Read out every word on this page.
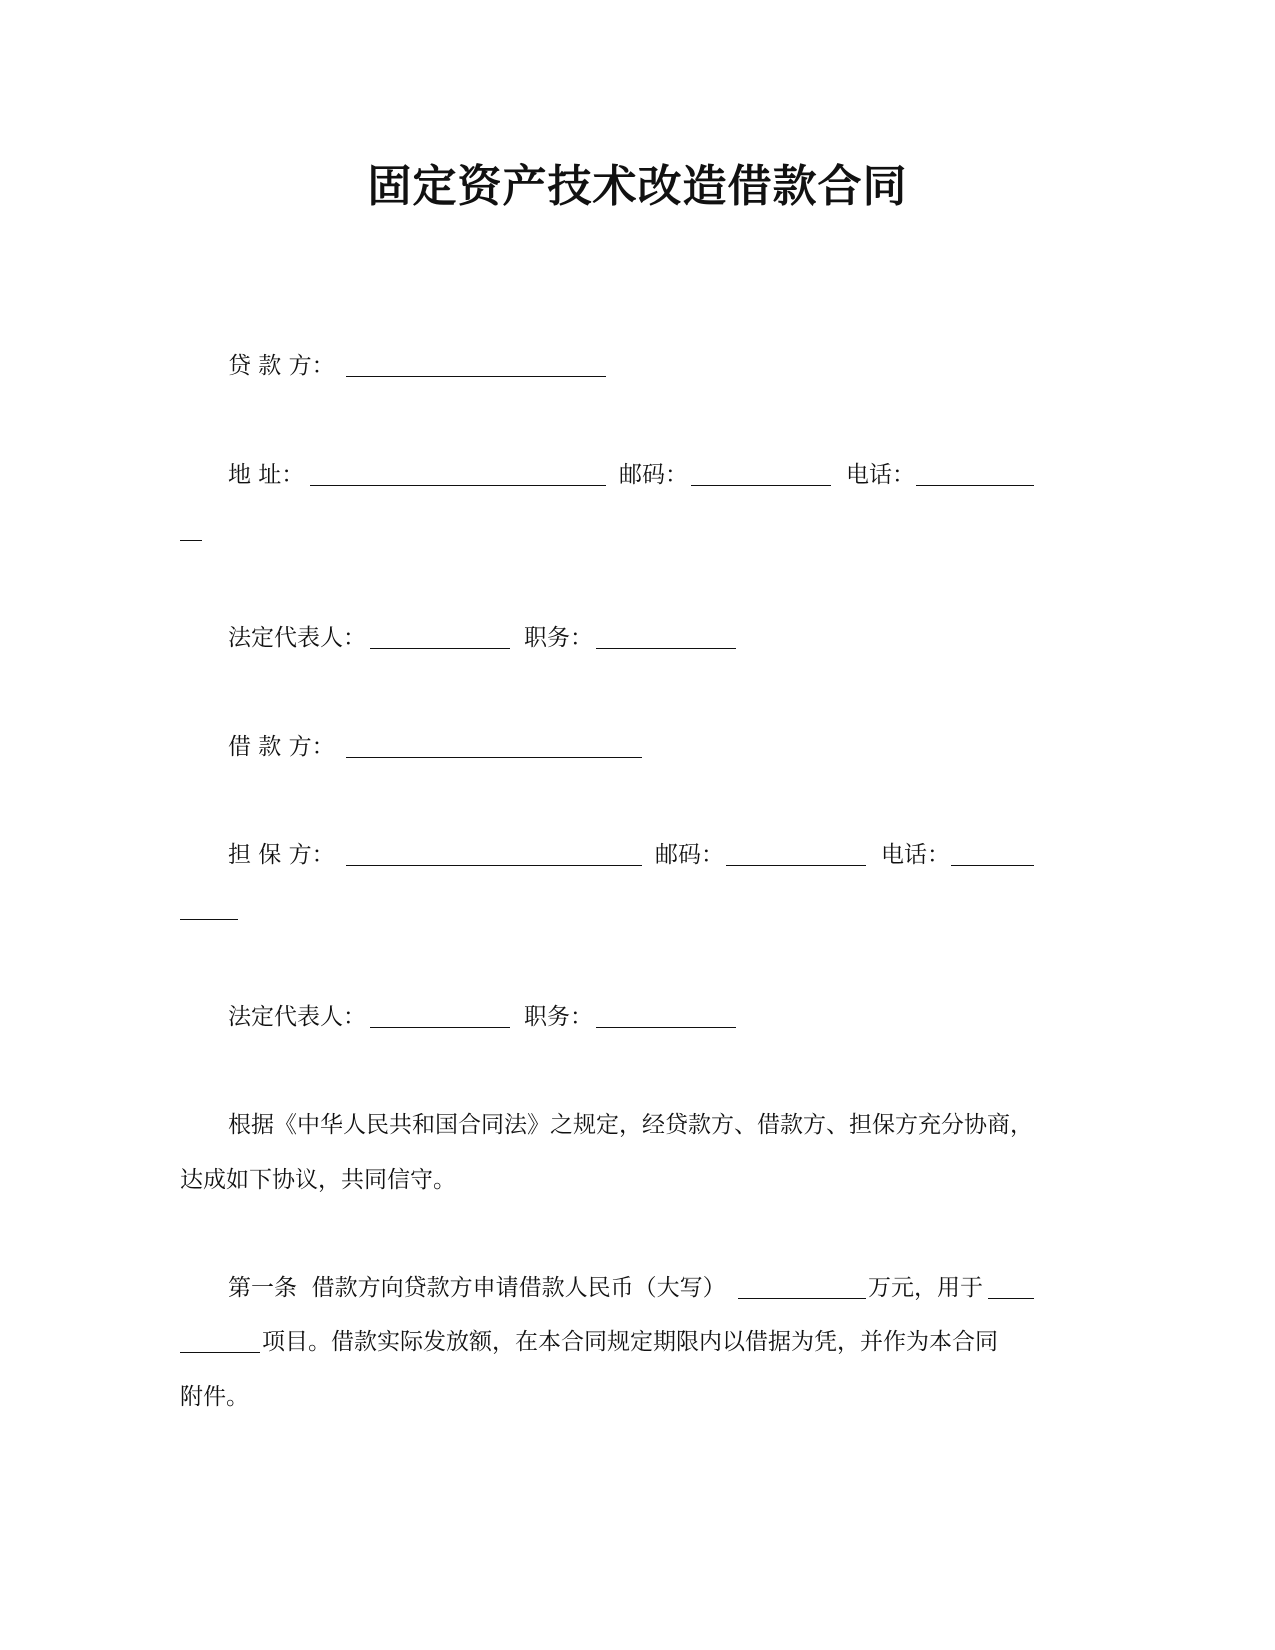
固定资产技术改造借款合同
贷 款 方：
地 址：	邮码：	电话：
法定代表人：	职务：
借 款 方：
担 保 方：	邮码：	电话：
法定代表人：	职务：
根据《中华人民共和国合同法》之规定，经贷款方、借款方、担保方充分协商，
达成如下协议，共同信守。
第一条  借款方向贷款方申请借款人民币（大写）	万元，用于
项目。借款实际发放额，在本合同规定期限内以借据为凭，并作为本合同
附件。
